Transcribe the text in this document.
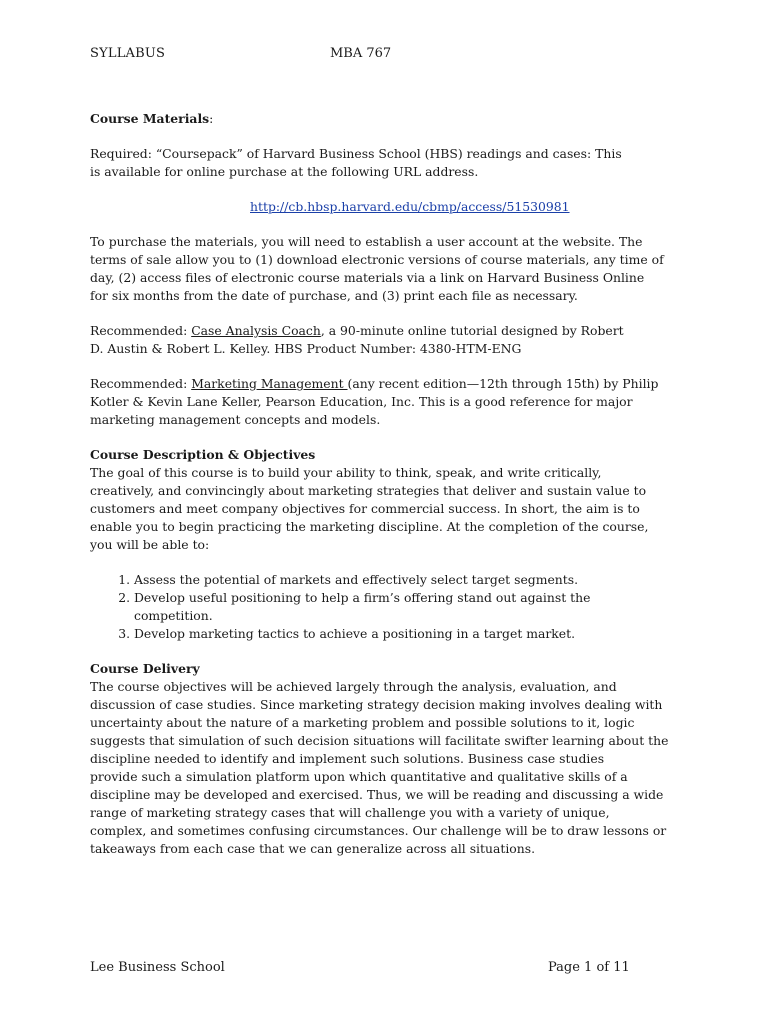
SYLLABUS	MBA 767

Course Materials:

Required: “Coursepack” of Harvard Business School (HBS) readings and cases: This
is available for online purchase at the following URL address.

http://cb.hbsp.harvard.edu/cbmp/access/51530981

To purchase the materials, you will need to establish a user account at the website. The
terms of sale allow you to (1) download electronic versions of course materials, any time of
day, (2) access files of electronic course materials via a link on Harvard Business Online
for six months from the date of purchase, and (3) print each file as necessary.

Recommended: Case Analysis Coach, a 90-minute online tutorial designed by Robert
D. Austin & Robert L. Kelley. HBS Product Number: 4380-HTM-ENG

Recommended: Marketing Management (any recent edition—12th through 15th) by Philip
Kotler & Kevin Lane Keller, Pearson Education, Inc. This is a good reference for major
marketing management concepts and models.

Course Description & Objectives

The goal of this course is to build your ability to think, speak, and write critically,
creatively, and convincingly about marketing strategies that deliver and sustain value to
customers and meet company objectives for commercial success. In short, the aim is to
enable you to begin practicing the marketing discipline. At the completion of the course,
you will be able to:

1. Assess the potential of markets and effectively select target segments.
2. Develop useful positioning to help a firm’s offering stand out against the competition.
3. Develop marketing tactics to achieve a positioning in a target market.

Course Delivery

The course objectives will be achieved largely through the analysis, evaluation, and
discussion of case studies. Since marketing strategy decision making involves dealing with
uncertainty about the nature of a marketing problem and possible solutions to it, logic
suggests that simulation of such decision situations will facilitate swifter learning about the
discipline needed to identify and implement such solutions. Business case studies
provide such a simulation platform upon which quantitative and qualitative skills of a
discipline may be developed and exercised. Thus, we will be reading and discussing a wide
range of marketing strategy cases that will challenge you with a variety of unique,
complex, and sometimes confusing circumstances. Our challenge will be to draw lessons or
takeaways from each case that we can generalize across all situations.

Lee Business School	Page 1 of 11
